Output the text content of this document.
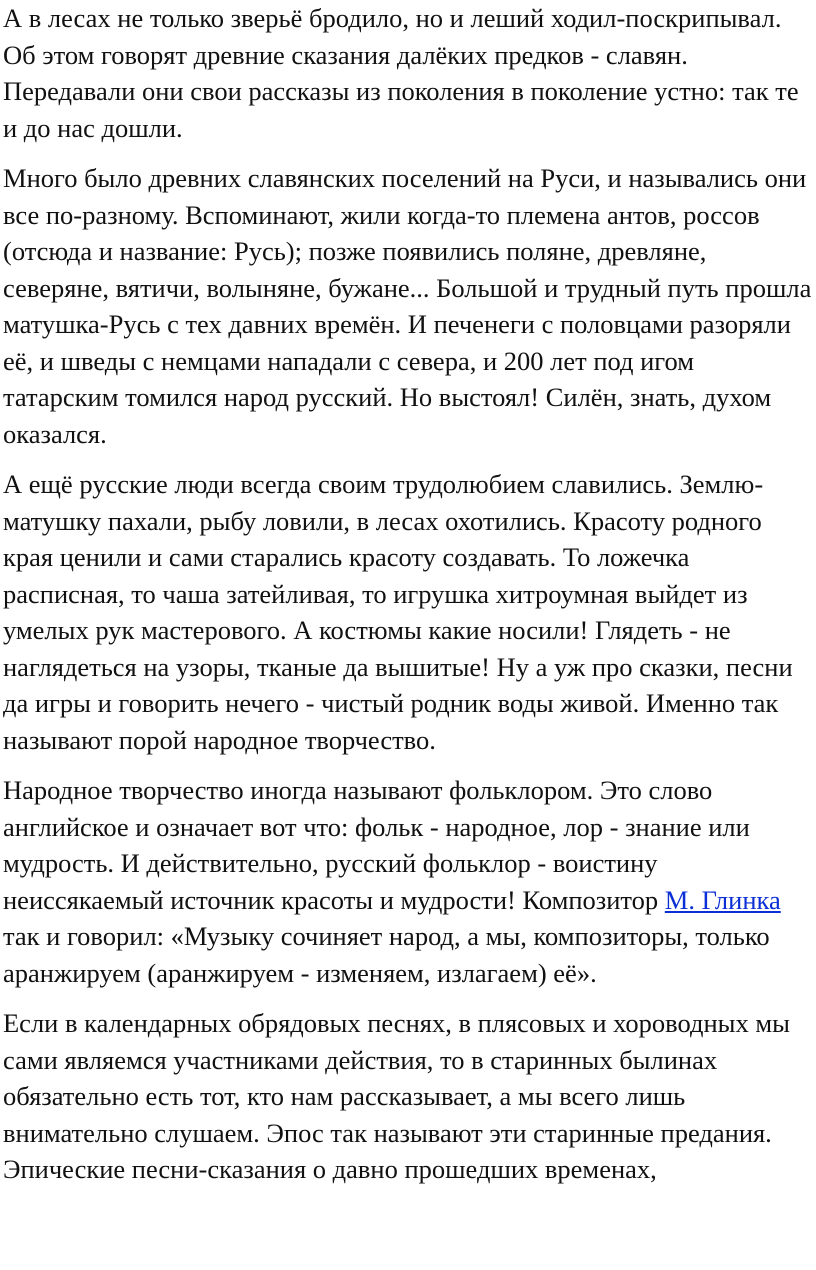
А в лесах не только зверьё бродило, но и леший ходил-поскрипывал. Об этом говорят древние сказания далёких предков - славян. Передавали они свои рассказы из поколения в поколение устно: так те и до нас дошли.

Много было древних славянских поселений на Руси, и назывались они все по-разному. Вспоминают, жили когда-то племена антов, россов (отсюда и название: Русь); позже появились поляне, древляне, северяне, вятичи, волыняне, бужане... Большой и трудный путь прошла матушка-Русь с тех давних времён. И печенеги с половцами разоряли её, и шведы с немцами нападали с севера, и 200 лет под игом татарским томился народ русский. Но выстоял! Силён, знать, духом оказался.

А ещё русские люди всегда своим трудолюбием славились. Землю-матушку пахали, рыбу ловили, в лесах охотились. Красоту родного края ценили и сами старались красоту создавать. То ложечка расписная, то чаша затейливая, то игрушка хитроумная выйдет из умелых рук мастерового. А костюмы какие носили! Глядеть - не наглядеться на узоры, тканые да вышитые! Ну а уж про сказки, песни да игры и говорить нечего - чистый родник воды живой. Именно так называют порой народное творчество.

Народное творчество иногда называют фольклором. Это слово английское и означает вот что: фольк - народное, лор - знание или мудрость. И действительно, русский фольклор - воистину неиссякаемый источник красоты и мудрости! Композитор М. Глинка так и говорил: «Музыку сочиняет народ, а мы, композиторы, только аранжируем (аранжируем - изменяем, излагаем) её».

Если в календарных обрядовых песнях, в плясовых и хороводных мы сами являемся участниками действия, то в старинных былинах обязательно есть тот, кто нам рассказывает, а мы всего лишь внимательно слушаем. Эпос так называют эти старинные предания. Эпические песни-сказания о давно прошедших временах,
